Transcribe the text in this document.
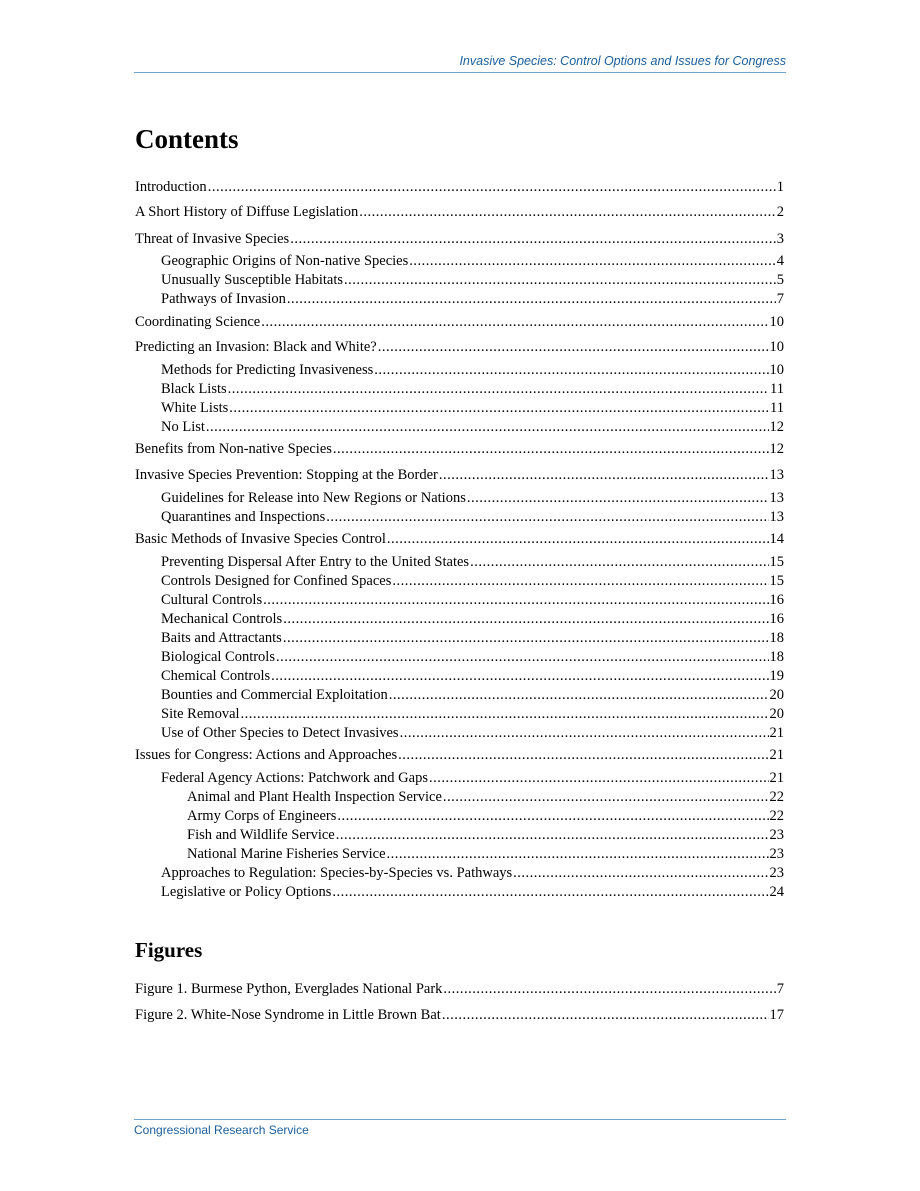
Invasive Species: Control Options and Issues for Congress
Contents
Introduction .....	1
A Short History of Diffuse Legislation .....	2
Threat of Invasive Species .....	3
Geographic Origins of Non-native Species .....	4
Unusually Susceptible Habitats .....	5
Pathways of Invasion .....	7
Coordinating Science .....	10
Predicting an Invasion: Black and White? .....	10
Methods for Predicting Invasiveness .....	10
Black Lists .....	11
White Lists .....	11
No List .....	12
Benefits from Non-native Species .....	12
Invasive Species Prevention: Stopping at the Border .....	13
Guidelines for Release into New Regions or Nations .....	13
Quarantines and Inspections .....	13
Basic Methods of Invasive Species Control .....	14
Preventing Dispersal After Entry to the United States .....	15
Controls Designed for Confined Spaces .....	15
Cultural Controls .....	16
Mechanical Controls .....	16
Baits and Attractants .....	18
Biological Controls .....	18
Chemical Controls .....	19
Bounties and Commercial Exploitation .....	20
Site Removal .....	20
Use of Other Species to Detect Invasives .....	21
Issues for Congress: Actions and Approaches .....	21
Federal Agency Actions: Patchwork and Gaps .....	21
Animal and Plant Health Inspection Service .....	22
Army Corps of Engineers .....	22
Fish and Wildlife Service .....	23
National Marine Fisheries Service .....	23
Approaches to Regulation: Species-by-Species vs. Pathways .....	23
Legislative or Policy Options .....	24
Figures
Figure 1. Burmese Python, Everglades National Park .....	7
Figure 2. White-Nose Syndrome in Little Brown Bat .....	17
Congressional Research Service
